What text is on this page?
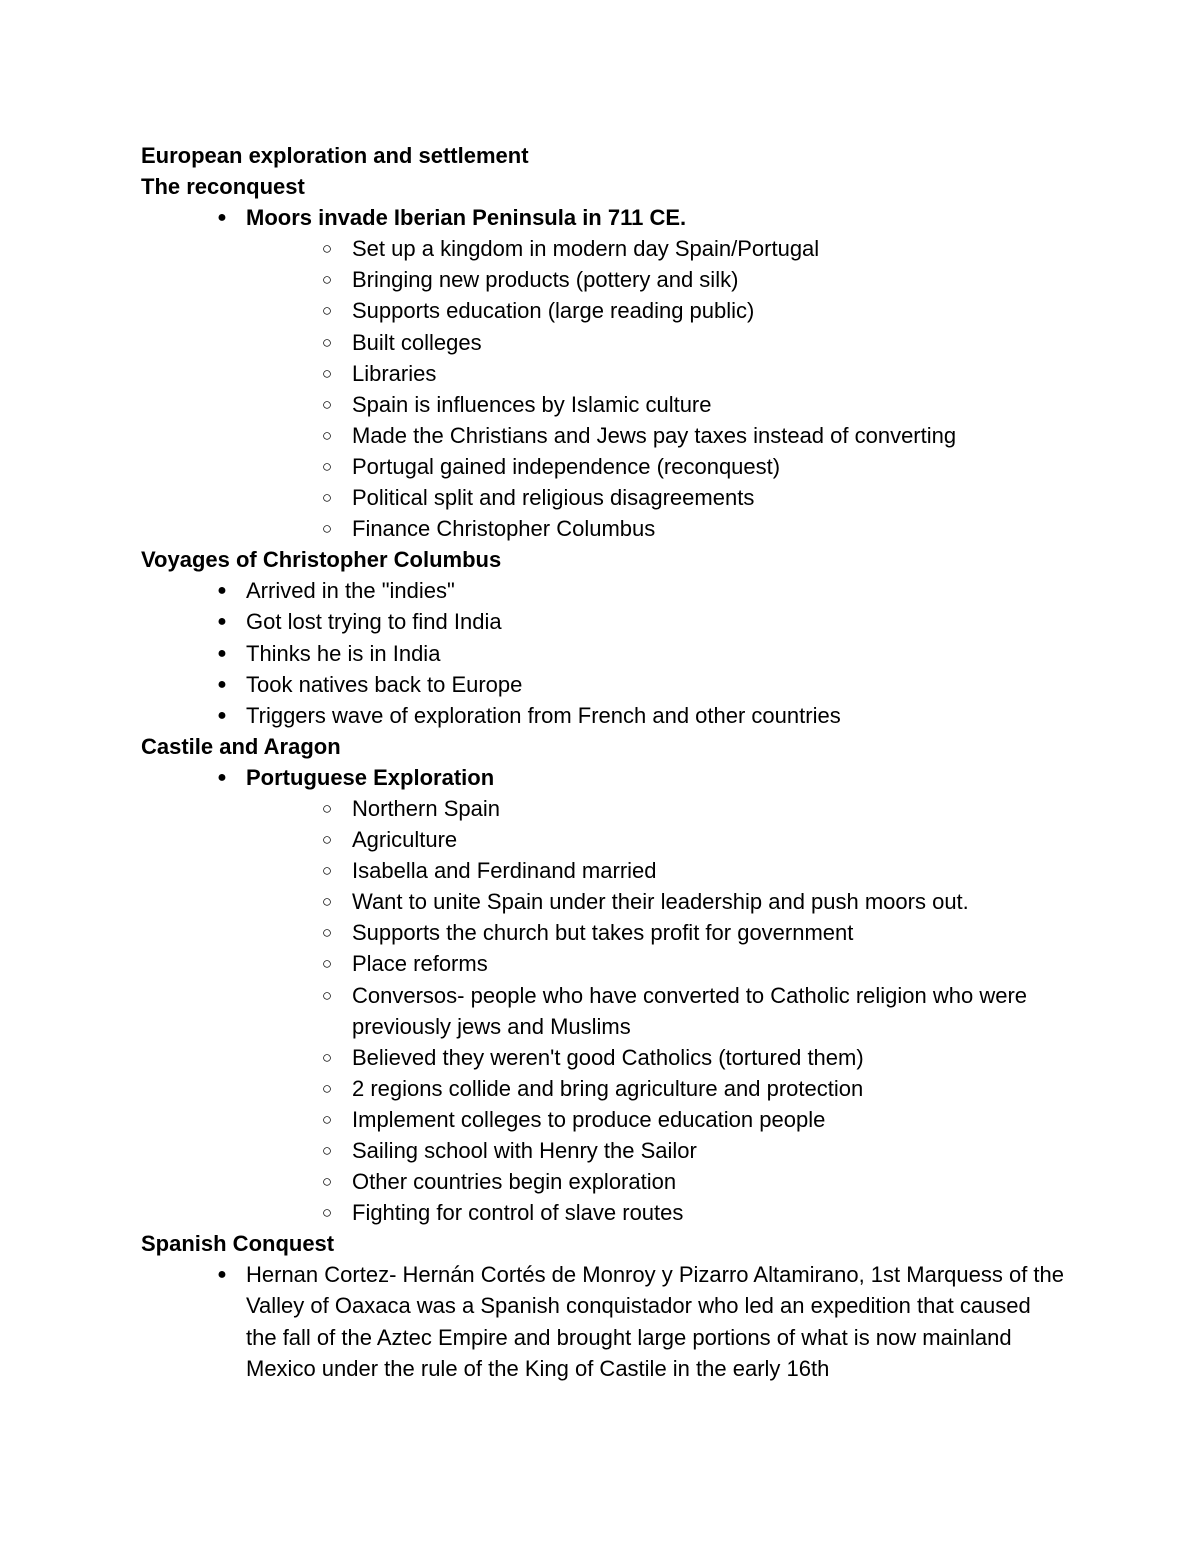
European exploration and settlement
The reconquest
● Moors invade Iberian Peninsula in 711 CE.
○ Set up a kingdom in modern day Spain/Portugal
○ Bringing new products (pottery and silk)
○ Supports education (large reading public)
○ Built colleges
○ Libraries
○ Spain is influences by Islamic culture
○ Made the Christians and Jews pay taxes instead of converting
○ Portugal gained independence (reconquest)
○ Political split and religious disagreements
○ Finance Christopher Columbus
Voyages of Christopher Columbus
● Arrived in the "indies"
● Got lost trying to find India
● Thinks he is in India
● Took natives back to Europe
● Triggers wave of exploration from French and other countries
Castile and Aragon
● Portuguese Exploration
○ Northern Spain
○ Agriculture
○ Isabella and Ferdinand married
○ Want to unite Spain under their leadership and push moors out.
○ Supports the church but takes profit for government
○ Place reforms
○ Conversos- people who have converted to Catholic religion who were previously jews and Muslims
○ Believed they weren't good Catholics (tortured them)
○ 2 regions collide and bring agriculture and protection
○ Implement colleges to produce education people
○ Sailing school with Henry the Sailor
○ Other countries begin exploration
○ Fighting for control of slave routes
Spanish Conquest
● Hernan Cortez- Hernán Cortés de Monroy y Pizarro Altamirano, 1st Marquess of the Valley of Oaxaca was a Spanish conquistador who led an expedition that caused the fall of the Aztec Empire and brought large portions of what is now mainland Mexico under the rule of the King of Castile in the early 16th
